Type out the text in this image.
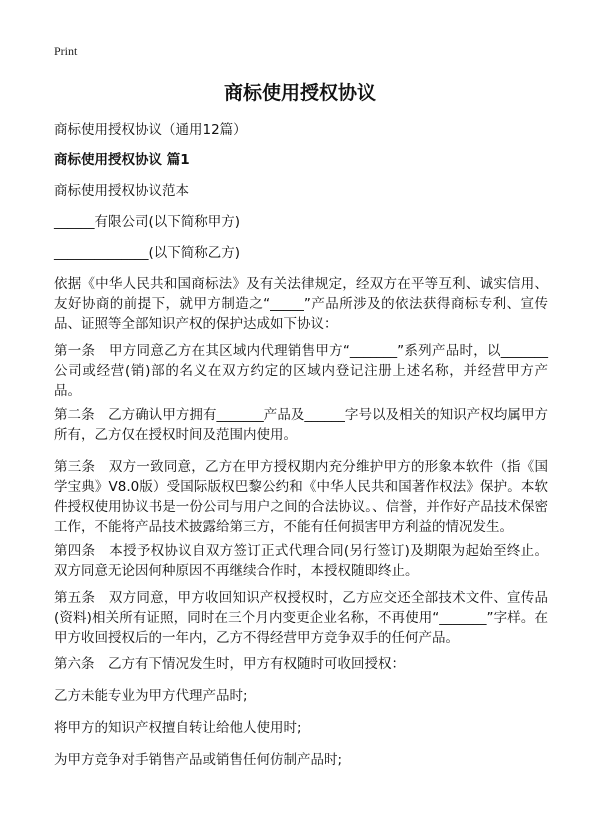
Print
商标使用授权协议
商标使用授权协议（通用12篇）
商标使用授权协议 篇1
商标使用授权协议范本
______有限公司(以下简称甲方)
______________(以下简称乙方)

依据《中华人民共和国商标法》及有关法律规定，经双方在平等互利、诚实信用、友好协商的前提下，就甲方制造之“_____”产品所涉及的依法获得商标专利、宣传品、证照等全部知识产权的保护达成如下协议：

第一条　甲方同意乙方在其区域内代理销售甲方“_______”系列产品时，以_______公司或经营(销)部的名义在双方约定的区域内登记注册上述名称，并经营甲方产品。

第二条　乙方确认甲方拥有_______产品及______字号以及相关的知识产权均属甲方所有，乙方仅在授权时间及范围内使用。

第三条　双方一致同意，乙方在甲方授权期内充分维护甲方的形象本软件（指《国学宝典》V8.0版）受国际版权巴黎公约和《中华人民共和国著作权法》保护。本软件授权使用协议书是一份公司与用户之间的合法协议。、信誉，并作好产品技术保密工作，不能将产品技术披露给第三方，不能有任何损害甲方利益的情况发生。

第四条　本授予权协议自双方签订正式代理合同(另行签订)及期限为起始至终止。双方同意无论因何种原因不再继续合作时，本授权随即终止。

第五条　双方同意，甲方收回知识产权授权时，乙方应交还全部技术文件、宣传品(资料)相关所有证照，同时在三个月内变更企业名称，不再使用“_______”字样。在甲方收回授权后的一年内，乙方不得经营甲方竞争双手的任何产品。

第六条　乙方有下情况发生时，甲方有权随时可收回授权：

乙方未能专业为甲方代理产品时;
将甲方的知识产权擅自转让给他人使用时;
为甲方竞争对手销售产品或销售任何仿制产品时;
